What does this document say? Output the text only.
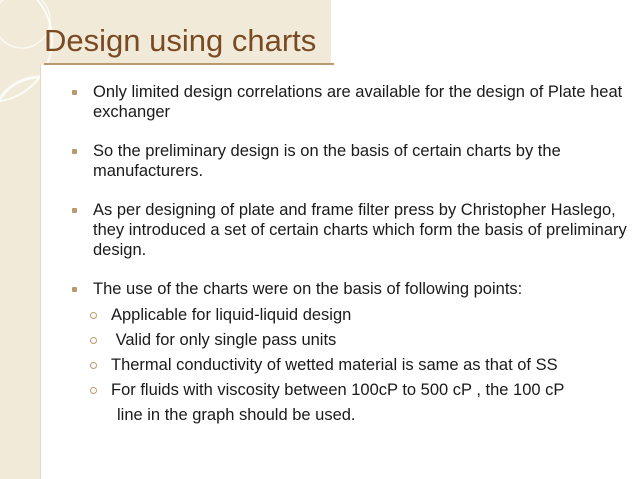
Design using charts
Only limited design correlations are available for the design of Plate heat exchanger
So the preliminary design is on the basis of certain charts by the manufacturers.
As per designing of plate and frame filter press by Christopher Haslego, they introduced a set of certain charts which form the basis of preliminary design.
The use of the charts were on the basis of following points:
Applicable for liquid-liquid design
Valid for only single pass units
Thermal conductivity of wetted material is same as that of SS
For fluids with viscosity between 100cP to 500 cP , the 100 cP
line in the graph should be used.
